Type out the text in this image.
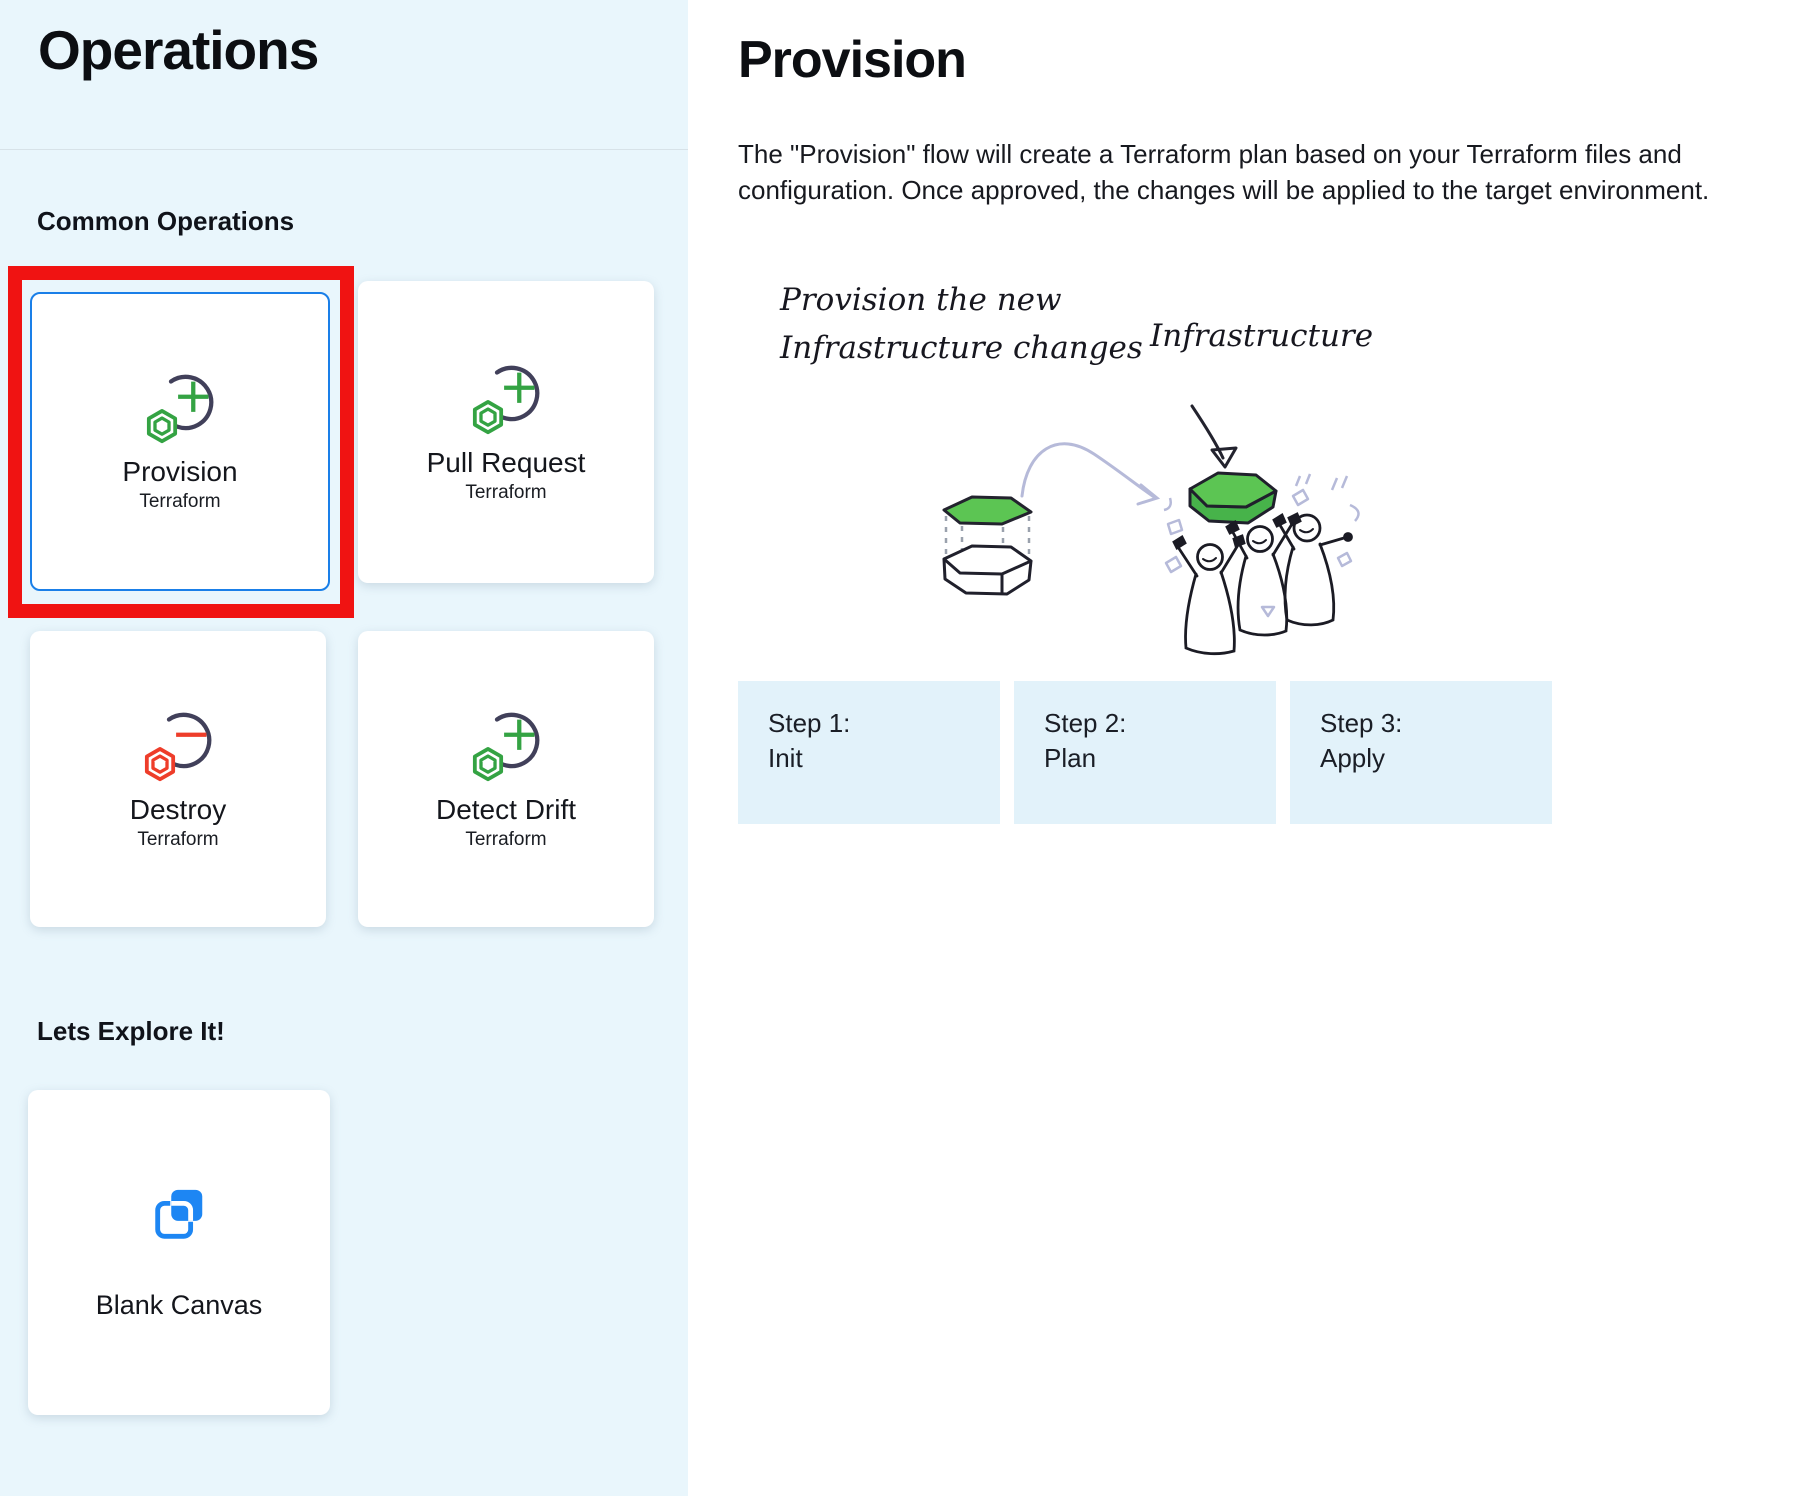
Operations
Common Operations
Provision
Terraform
Pull Request
Terraform
Destroy
Terraform
Detect Drift
Terraform
Lets Explore It!
Blank Canvas
Provision

The "Provision" flow will create a Terraform plan based on your Terraform files and configuration. Once approved, the changes will be applied to the target environment.

Provision the new
Infrastructure changes Infrastructure
Step 1:
Init
Step 2:
Plan
Step 3:
Apply
